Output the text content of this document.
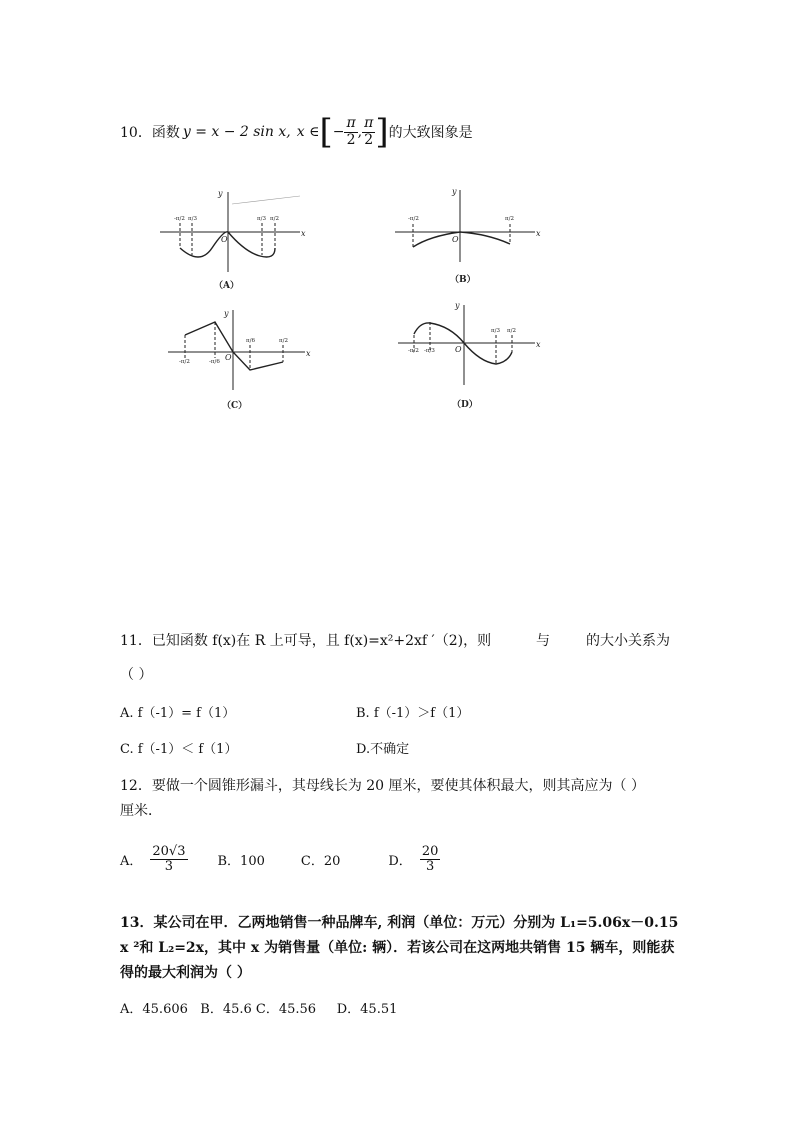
10． 函数 y = x − 2 sin x, x ∈ [ − $\frac{\pi}{2}$ , $\frac{\pi}{2}$ ] 的大致图象是
x
y
O
x
y
O
x
y
O
x
y
O
-π/2 π/3	π/3 π/2	-π/2	π/2
-π/2	-π/6
π/6	π/2
-π/2 -π/3
π/3 π/2
（A）
（B）
（C）	（D）
11．已知函数 f(x)在 R 上可导，且 f(x)=x²+2xf ′（2)，则	与	的大小关系为
（ ）
A. f（-1）= f（1）	B. f（-1）＞f（1）
C. f（-1）＜ f（1）	D.不确定
12．要做一个圆锥形漏斗，其母线长为 20 厘米，要使其体积最大，则其高应为（ ）
厘米．
A． $\frac{20√3}{3}$ B．100	C．20	D． $\frac{20}{3}$
13．某公司在甲．乙两地销售一种品牌车, 利润（单位：万元）分别为 L₁=5.06x－0.15
x ²和 L₂=2x，其中 x 为销售量（单位: 辆）．若该公司在这两地共销售 15 辆车，则能获
得的最大利润为（ ）
A．45.606   B．45.6 C．45.56     D．45.51
